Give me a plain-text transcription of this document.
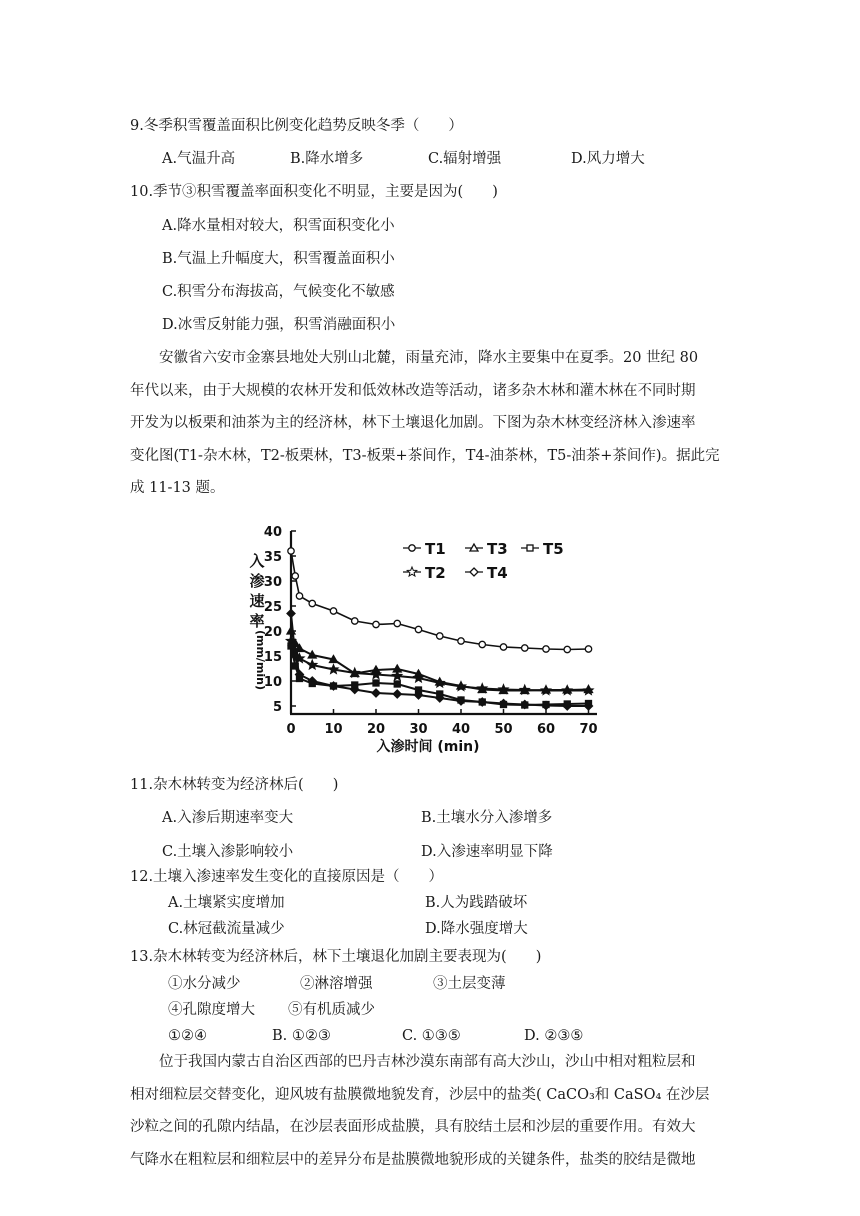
9.冬季积雪覆盖面积比例变化趋势反映冬季（　　）
A.气温升高	B.降水增多	C.辐射增强	D.风力增大
10.季节③积雪覆盖率面积变化不明显，主要是因为(　　)
A.降水量相对较大，积雪面积变化小
B.气温上升幅度大，积雪覆盖面积小
C.积雪分布海拔高，气候变化不敏感
D.冰雪反射能力强，积雪消融面积小
　　安徽省六安市金寨县地处大别山北麓，雨量充沛，降水主要集中在夏季。20 世纪 80
年代以来，由于大规模的农林开发和低效林改造等活动，诸多杂木林和灌木林在不同时期
开发为以板栗和油茶为主的经济林，林下土壤退化加剧。下图为杂木林变经济林入渗速率
变化图(T1-杂木林，T2-板栗林，T3-板栗+茶间作，T4-油茶林，T5-油茶+茶间作)。据此完
成 11-13 题。
0 10 20 30 40 50 60 70
5
10
15
20
25
30
35
40
T1	T3 T5
T2	T4
入渗时间 (min)
入
渗
速
率
(mm/min)
11.杂木林转变为经济林后(　　)
A.入渗后期速率变大	B.土壤水分入渗增多
C.土壤入渗影响较小	D.入渗速率明显下降
12.土壤入渗速率发生变化的直接原因是（　　）
A.土壤紧实度增加	B.人为践踏破坏
C.林冠截流量减少	D.降水强度增大
13.杂木林转变为经济林后，林下土壤退化加剧主要表现为(　　)
①水分减少	②淋溶增强	③土层变薄
④孔隙度增大 ⑤有机质减少
①②④	B. ①②③	C. ①③⑤	D. ②③⑤
　　位于我国内蒙古自治区西部的巴丹吉林沙漠东南部有高大沙山，沙山中相对粗粒层和
相对细粒层交替变化，迎风坡有盐膜微地貌发育，沙层中的盐类( CaCO₃和 CaSO₄ 在沙层
沙粒之间的孔隙内结晶，在沙层表面形成盐膜，具有胶结土层和沙层的重要作用。有效大
气降水在粗粒层和细粒层中的差异分布是盐膜微地貌形成的关键条件，盐类的胶结是微地
